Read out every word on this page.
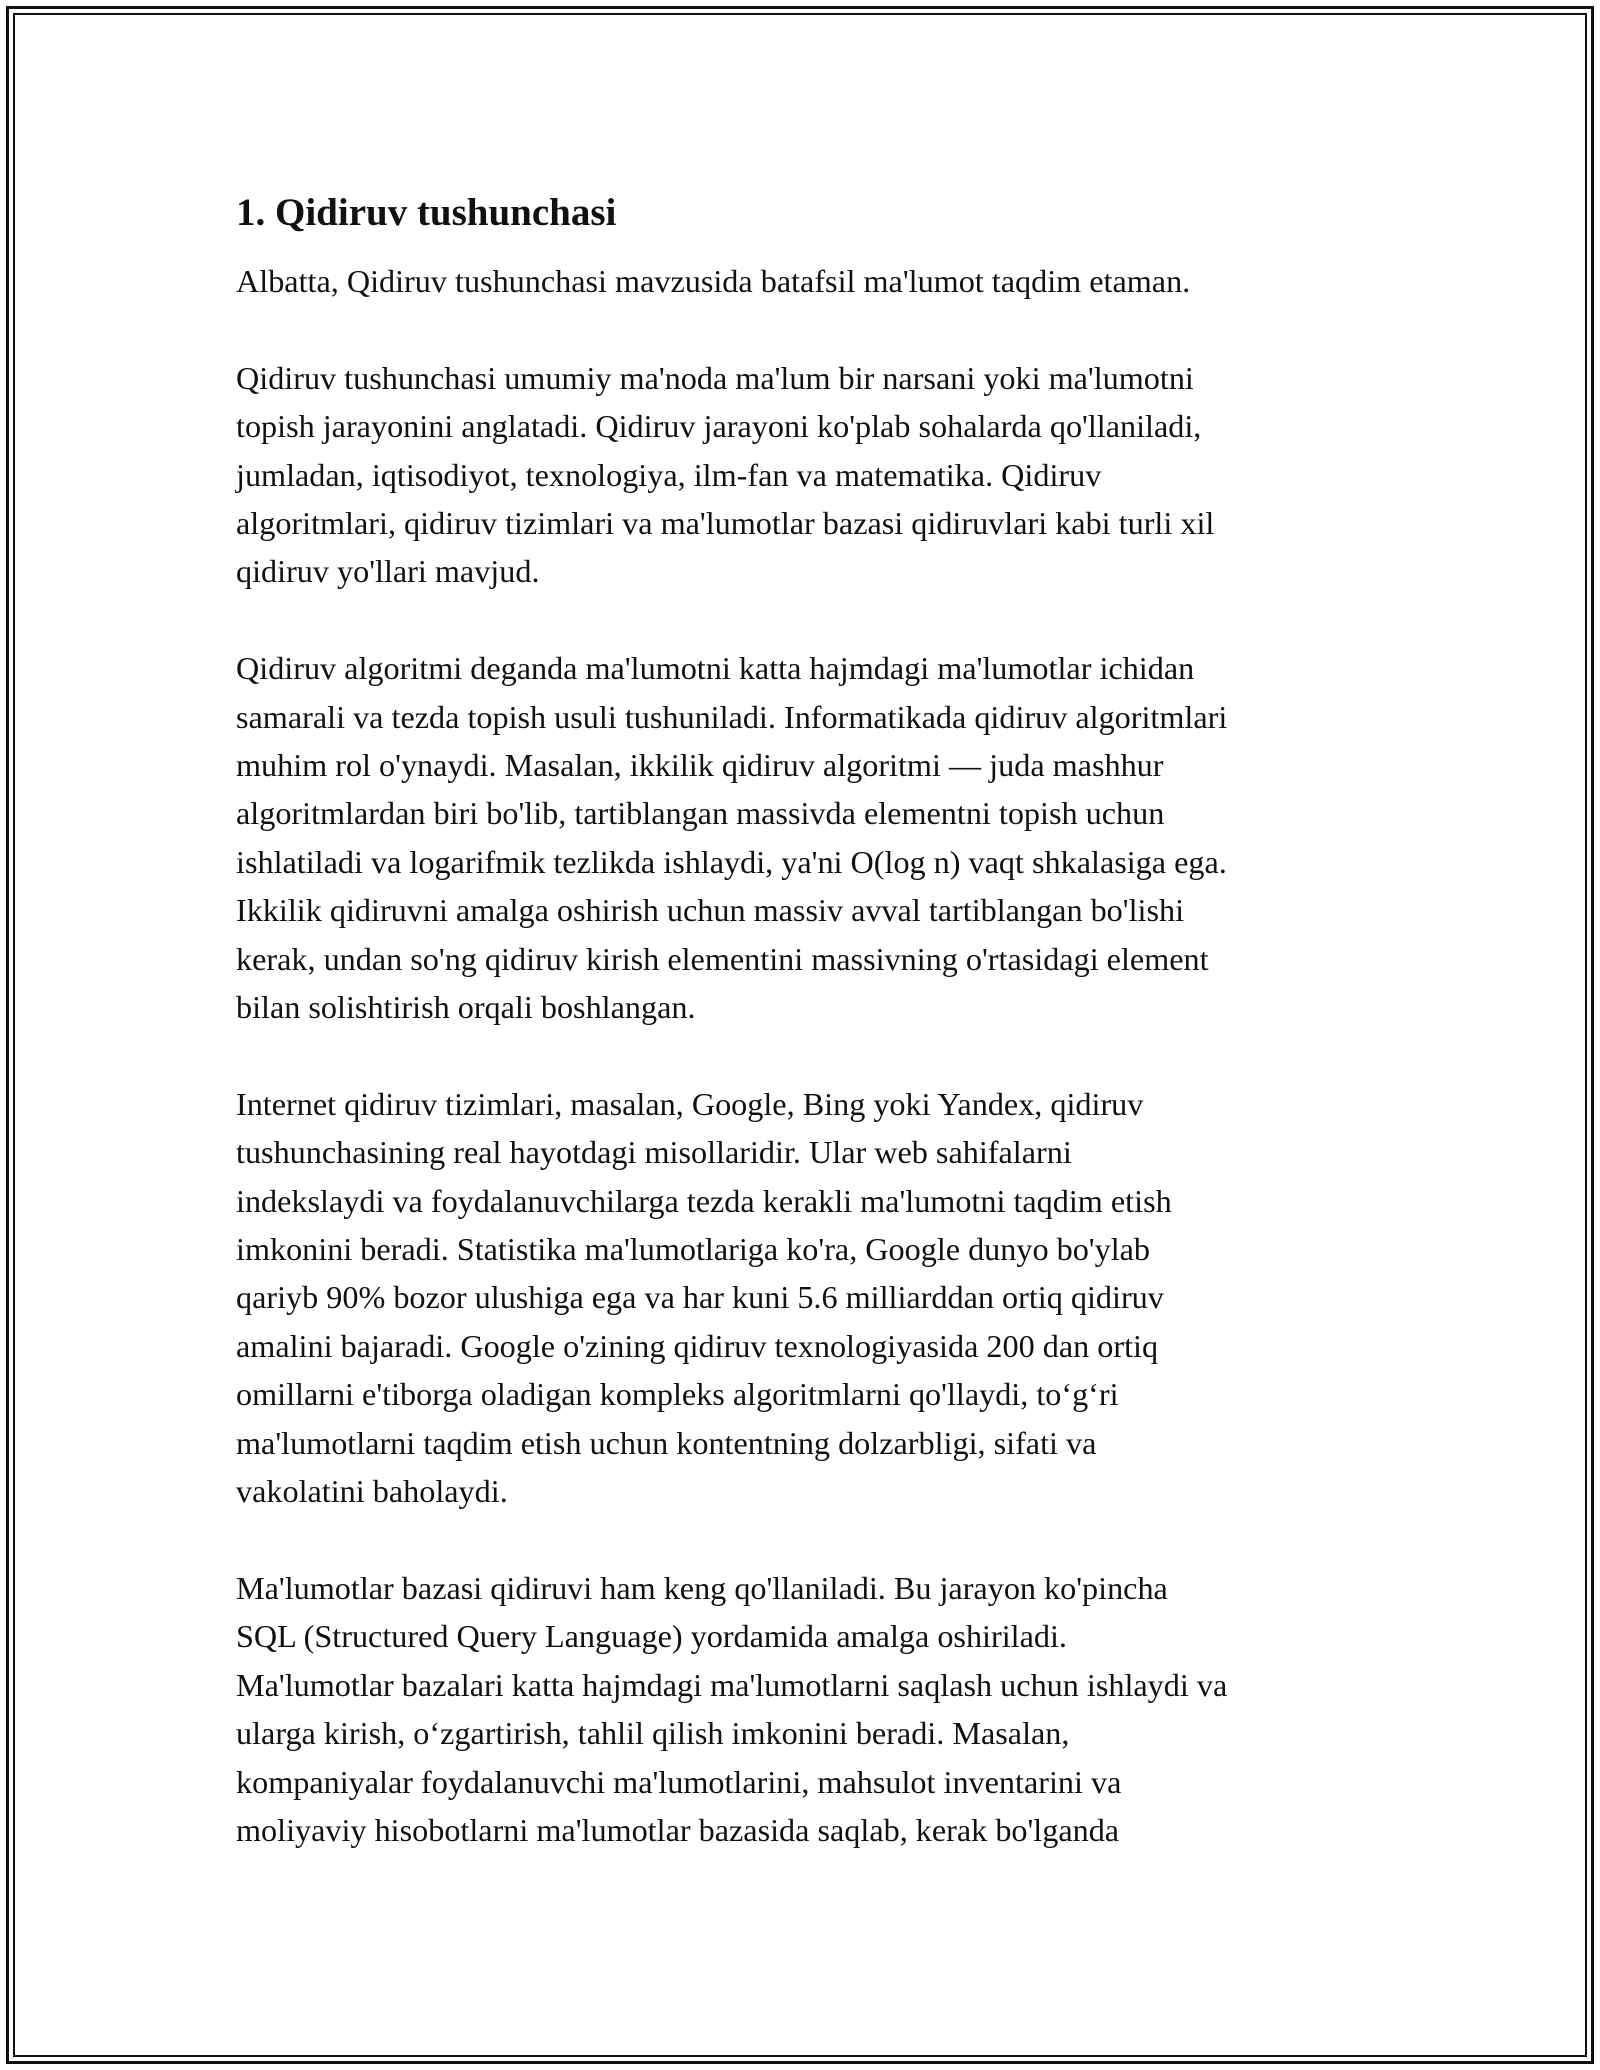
1. Qidiruv tushunchasi

Albatta, Qidiruv tushunchasi mavzusida batafsil ma'lumot taqdim etaman.

Qidiruv tushunchasi umumiy ma'noda ma'lum bir narsani yoki ma'lumotni
topish jarayonini anglatadi. Qidiruv jarayoni ko'plab sohalarda qo'llaniladi,
jumladan, iqtisodiyot, texnologiya, ilm-fan va matematika. Qidiruv
algoritmlari, qidiruv tizimlari va ma'lumotlar bazasi qidiruvlari kabi turli xil
qidiruv yo'llari mavjud.

Qidiruv algoritmi deganda ma'lumotni katta hajmdagi ma'lumotlar ichidan
samarali va tezda topish usuli tushuniladi. Informatikada qidiruv algoritmlari
muhim rol o'ynaydi. Masalan, ikkilik qidiruv algoritmi — juda mashhur
algoritmlardan biri bo'lib, tartiblangan massivda elementni topish uchun
ishlatiladi va logarifmik tezlikda ishlaydi, ya'ni O(log n) vaqt shkalasiga ega.
Ikkilik qidiruvni amalga oshirish uchun massiv avval tartiblangan bo'lishi
kerak, undan so'ng qidiruv kirish elementini massivning o'rtasidagi element
bilan solishtirish orqali boshlangan.

Internet qidiruv tizimlari, masalan, Google, Bing yoki Yandex, qidiruv
tushunchasining real hayotdagi misollaridir. Ular web sahifalarni
indekslaydi va foydalanuvchilarga tezda kerakli ma'lumotni taqdim etish
imkonini beradi. Statistika ma'lumotlariga ko'ra, Google dunyo bo'ylab
qariyb 90% bozor ulushiga ega va har kuni 5.6 milliarddan ortiq qidiruv
amalini bajaradi. Google o'zining qidiruv texnologiyasida 200 dan ortiq
omillarni e'tiborga oladigan kompleks algoritmlarni qo'llaydi, to‘g‘ri
ma'lumotlarni taqdim etish uchun kontentning dolzarbligi, sifati va
vakolatini baholaydi.

Ma'lumotlar bazasi qidiruvi ham keng qo'llaniladi. Bu jarayon ko'pincha
SQL (Structured Query Language) yordamida amalga oshiriladi.
Ma'lumotlar bazalari katta hajmdagi ma'lumotlarni saqlash uchun ishlaydi va
ularga kirish, o‘zgartirish, tahlil qilish imkonini beradi. Masalan,
kompaniyalar foydalanuvchi ma'lumotlarini, mahsulot inventarini va
moliyaviy hisobotlarni ma'lumotlar bazasida saqlab, kerak bo'lganda
